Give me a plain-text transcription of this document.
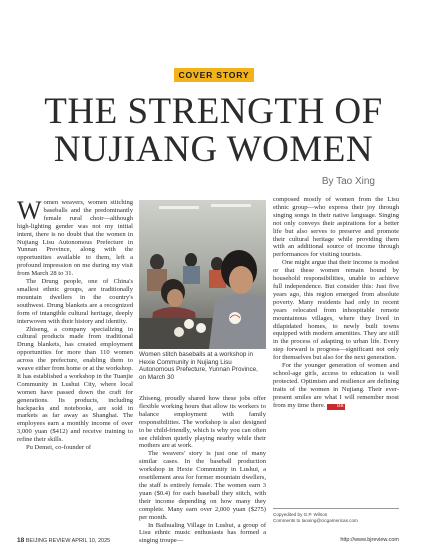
COVER STORY
THE STRENGTH OF
NUJIANG WOMEN
By Tao Xing

Women weavers, women stitching baseballs and the predominantly female rural choir—although high-lighting gender was not my initial intent, there is no doubt that the women in Nujiang Lisu Autonomous Prefecture in Yunnan Province, along with the opportunities available to them, left a profound impression on me during my visit from March 28 to 31.

The Drung people, one of China's smallest ethnic groups, are traditionally mountain dwellers in the country's southwest. Drung blankets are a recognized form of intangible cultural heritage, deeply interwoven with their history and identity.

Zhiseng, a company specializing in cultural products made from traditional Drung blankets, has created employment opportunities for more than 110 women across the prefecture, enabling them to weave either from home or at the workshop. It has established a workshop in the Tuanjie Community in Lushui City, where local women have passed down the craft for generations. Its products, including backpacks and notebooks, are sold in markets as far away as Shanghai. The employees earn a monthly income of over 3,000 yuan ($412) and receive training to refine their skills.

Pu Demei, co-founder of

Women stitch baseballs at a workshop in Hexie Community in Nujiang Lisu Autonomous Prefecture, Yunnan Province, on March 30

Zhiseng, proudly shared how these jobs offer flexible working hours that allow its workers to balance employment with family responsibilities. The workshop is also designed to be child-friendly, which is why you can often see children quietly playing nearby while their mothers are at work.

The weavers' story is just one of many similar cases. In the baseball production workshop in Hexie Community in Lushui, a resettlement area for former mountain dwellers, the staff is entirely female. The women earn 3 yuan ($0.4) for each baseball they stitch, with their income depending on how many they complete. Many earn over 2,000 yuan ($275) per month.

In Baihualing Village in Lushui, a group of Lisu ethnic music enthusiasts has formed a singing troupe—

composed mostly of women from the Lisu ethnic group—who express their joy through singing songs in their native language. Singing not only conveys their aspirations for a better life but also serves to preserve and promote their cultural heritage while providing them with an additional source of income through performances for visiting tourists.

One might argue that their income is modest or that these women remain bound by household responsibilities, unable to achieve full independence. But consider this: Just five years ago, this region emerged from absolute poverty. Many residents had only in recent years relocated from inhospitable remote mountainous villages, where they lived in dilapidated homes, to newly built towns equipped with modern amenities. They are still in the process of adapting to urban life. Every step forward is progress—significant not only for themselves but also for the next generation.

For the younger generation of women and school-age girls, access to education is well protected. Optimism and resilience are defining traits of the women in Nujiang. Their ever-present smiles are what I will remember most from my time there. BR

Copyedited by G.P. Wilson
Comments to taoxing@cicgamericas.com
18 BEIJING REVIEW APRIL 10, 2025	http://www.bjreview.com
